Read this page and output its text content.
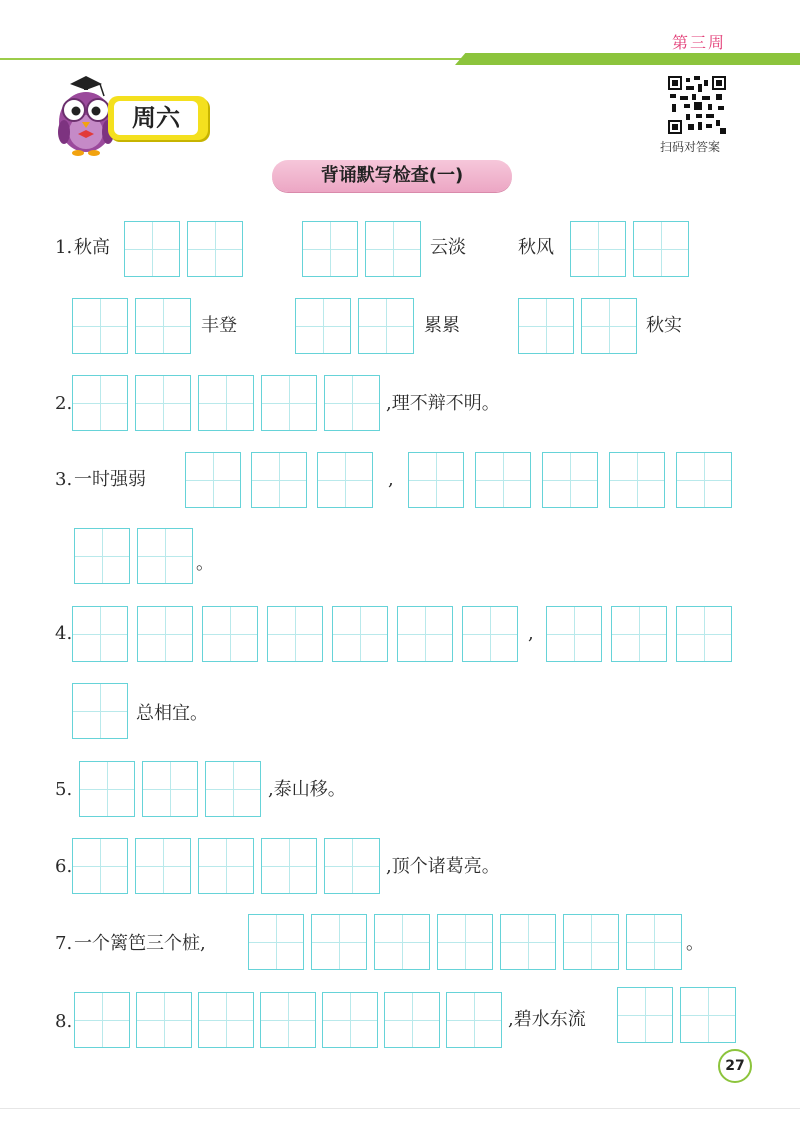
第三周
周六
扫码对答案
背诵默写检查(一)
1. 秋高	云淡	秋风
丰登	累累	秋实
2.	,理不辩不明。
3. 一时强弱	,
。
4.	,
总相宜。
5.	,泰山移。
6.	,顶个诸葛亮。
7. 一个篱笆三个桩,	。
8.	,碧水东流
27
